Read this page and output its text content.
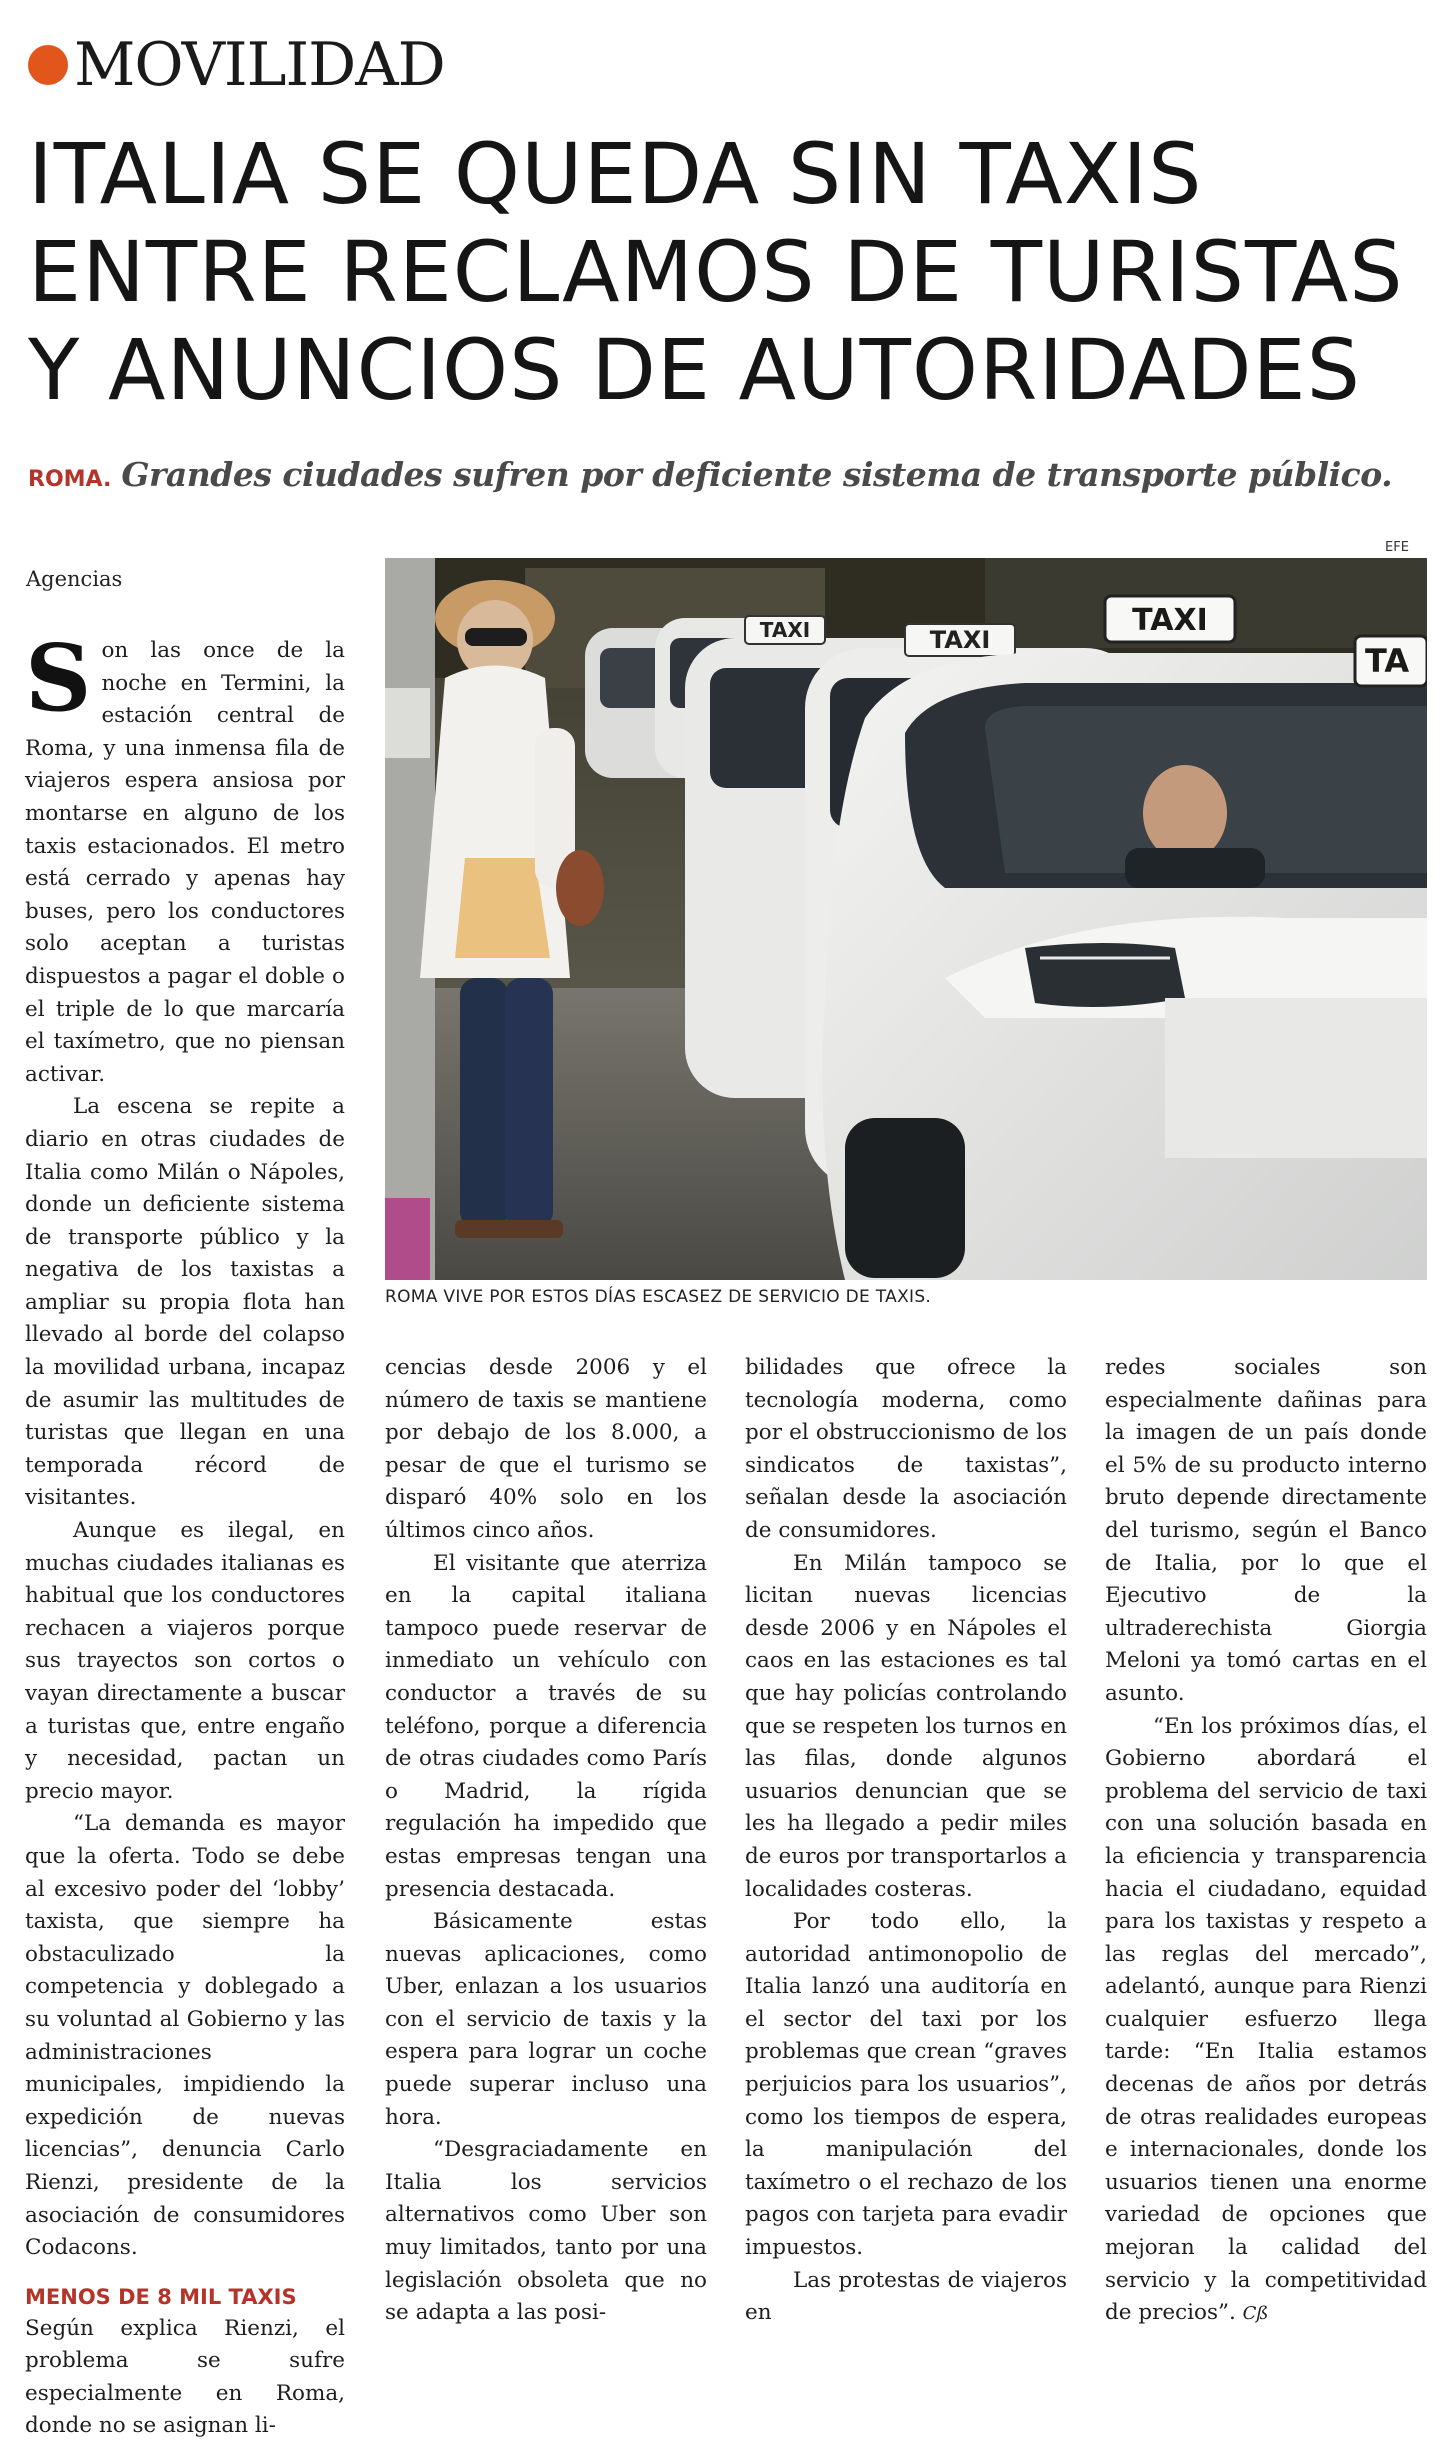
MOVILIDAD
ITALIA SE QUEDA SIN TAXIS
ENTRE RECLAMOS DE TURISTAS
Y ANUNCIOS DE AUTORIDADES
ROMA. Grandes ciudades sufren por deficiente sistema de transporte público.
EFE
Agencias
TAXI	TAXI
TAXI
TA
ROMA VIVE POR ESTOS DÍAS ESCASEZ DE SERVICIO DE TAXIS.

Son las once de la noche en Termini, la estación central de Roma, y una inmensa fila de viajeros espera ansiosa por montarse en alguno de los taxis estacionados. El metro está cerrado y apenas hay buses, pero los conductores solo aceptan a turistas dispuestos a pagar el doble o el triple de lo que marcaría el taxímetro, que no piensan activar.

La escena se repite a diario en otras ciudades de Italia como Milán o Nápoles, donde un deficiente sistema de transporte público y la negativa de los taxistas a ampliar su propia flota han llevado al borde del colapso la movilidad urbana, incapaz de asumir las multitudes de turistas que llegan en una temporada récord de visitantes.

Aunque es ilegal, en muchas ciudades italianas es habitual que los conductores rechacen a viajeros porque sus trayectos son cortos o vayan directamente a buscar a turistas que, entre engaño y necesidad, pactan un precio mayor.

“La demanda es mayor que la oferta. Todo se debe al excesivo poder del ‘lobby’ taxista, que siempre ha obstaculizado la competencia y doblegado a su voluntad al Gobierno y las administraciones municipales, impidiendo la expedición de nuevas licencias”, denuncia Carlo Rienzi, presidente de la asociación de consumidores Codacons.

MENOS DE 8 MIL TAXIS

Según explica Rienzi, el problema se sufre especialmente en Roma, donde no se asignan li-

cencias desde 2006 y el número de taxis se mantiene por debajo de los 8.000, a pesar de que el turismo se disparó 40% solo en los últimos cinco años.

El visitante que aterriza en la capital italiana tampoco puede reservar de inmediato un vehículo con conductor a través de su teléfono, porque a diferencia de otras ciudades como París o Madrid, la rígida regulación ha impedido que estas empresas tengan una presencia destacada.

Básicamente estas nuevas aplicaciones, como Uber, enlazan a los usuarios con el servicio de taxis y la espera para lograr un coche puede superar incluso una hora.

“Desgraciadamente en Italia los servicios alternativos como Uber son muy limitados, tanto por una legislación obsoleta que no se adapta a las posi-

bilidades que ofrece la tecnología moderna, como por el obstruccionismo de los sindicatos de taxistas”, señalan desde la asociación de consumidores.

En Milán tampoco se licitan nuevas licencias desde 2006 y en Nápoles el caos en las estaciones es tal que hay policías controlando que se respeten los turnos en las filas, donde algunos usuarios denuncian que se les ha llegado a pedir miles de euros por transportarlos a localidades costeras.

Por todo ello, la autoridad antimonopolio de Italia lanzó una auditoría en el sector del taxi por los problemas que crean “graves perjuicios para los usuarios”, como los tiempos de espera, la manipulación del taxímetro o el rechazo de los pagos con tarjeta para evadir impuestos.

Las protestas de viajeros en

redes sociales son especialmente dañinas para la imagen de un país donde el 5% de su producto interno bruto depende directamente del turismo, según el Banco de Italia, por lo que el Ejecutivo de la ultraderechista Giorgia Meloni ya tomó cartas en el asunto.

“En los próximos días, el Gobierno abordará el problema del servicio de taxi con una solución basada en la eficiencia y transparencia hacia el ciudadano, equidad para los taxistas y respeto a las reglas del mercado”, adelantó, aunque para Rienzi cualquier esfuerzo llega tarde: “En Italia estamos decenas de años por detrás de otras realidades europeas e internacionales, donde los usuarios tienen una enorme variedad de opciones que mejoran la calidad del servicio y la competitividad de precios”. Cß
